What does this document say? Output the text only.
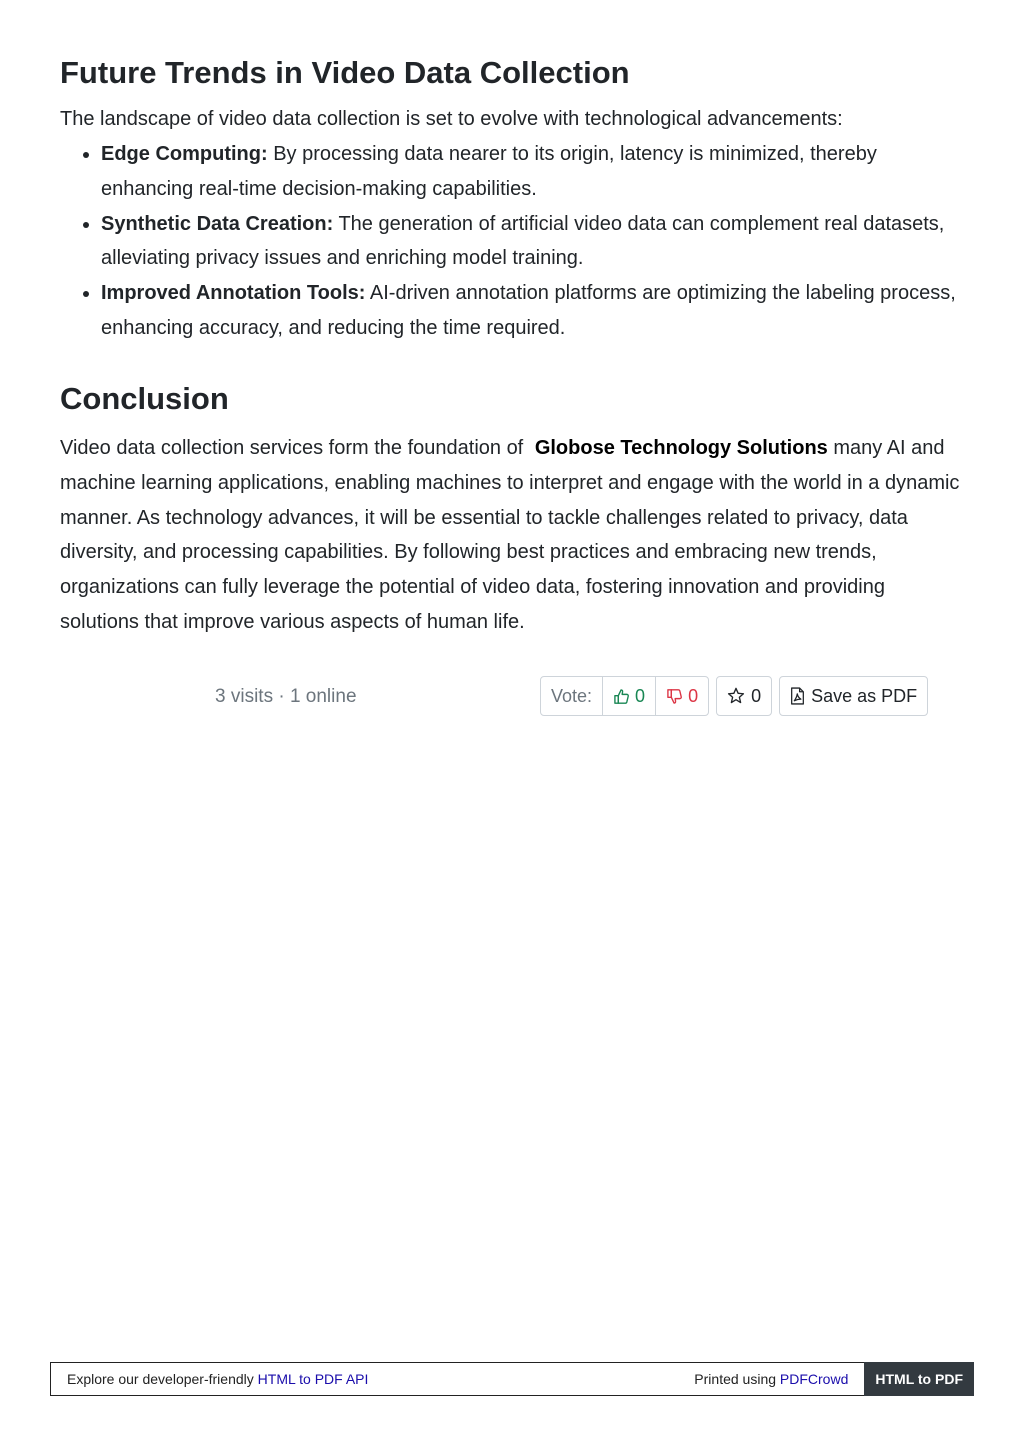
Future Trends in Video Data Collection

The landscape of video data collection is set to evolve with technological advancements:

• Edge Computing: By processing data nearer to its origin, latency is minimized, thereby enhancing real-time decision-making capabilities.
• Synthetic Data Creation: The generation of artificial video data can complement real datasets, alleviating privacy issues and enriching model training.
• Improved Annotation Tools: AI-driven annotation platforms are optimizing the labeling process, enhancing accuracy, and reducing the time required.
Conclusion

Video data collection services form the foundation of Globose Technology Solutions many AI and machine learning applications, enabling machines to interpret and engage with the world in a dynamic manner. As technology advances, it will be essential to tackle challenges related to privacy, data diversity, and processing capabilities. By following best practices and embracing new trends, organizations can fully leverage the potential of video data, fostering innovation and providing solutions that improve various aspects of human life.

3 visits · 1 online	Vote:	0 0	0	Save as PDF
Explore our developer-friendly HTML to PDF API	Printed using PDFCrowd	HTML to PDF
